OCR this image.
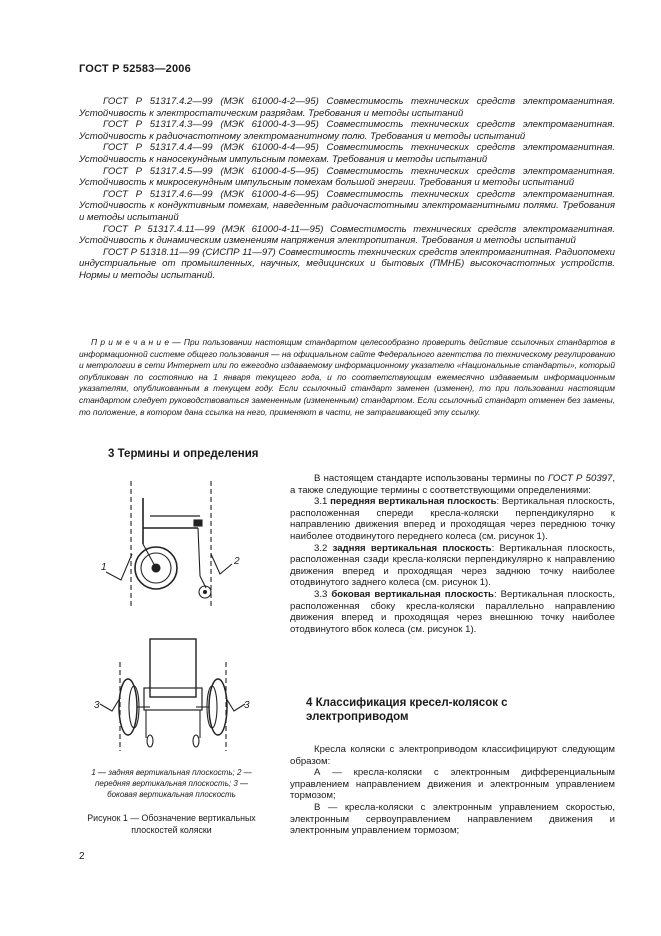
ГОСТ Р 52583—2006

ГОСТ Р 51317.4.2—99 (МЭК 61000-4-2—95) Совместимость технических средств электромагнитная. Устойчивость к электростатическим разрядам. Требования и методы испытаний

ГОСТ Р 51317.4.3—99 (МЭК 61000-4-3—95) Совместимость технических средств электромагнитная. Устойчивость к радиочастотному электромагнитному полю. Требования и методы испытаний

ГОСТ Р 51317.4.4—99 (МЭК 61000-4-4—95) Совместимость технических средств электромагнитная. Устойчивость к наносекундным импульсным помехам. Требования и методы испытаний

ГОСТ Р 51317.4.5—99 (МЭК 61000-4-5—95) Совместимость технических средств электромагнитная. Устойчивость к микросекундным импульсным помехам большой энергии. Требования и методы испытаний

ГОСТ Р 51317.4.6—99 (МЭК 61000-4-6—95) Совместимость технических средств электромагнитная. Устойчивость к кондуктивным помехам, наведенным радиочастотными электромагнитными полями. Требования и методы испытаний

ГОСТ Р 51317.4.11—99 (МЭК 61000-4-11—95) Совместимость технических средств электромагнитная. Устойчивость к динамическим изменениям напряжения электропитания. Требования и методы испытаний

ГОСТ Р 51318.11—99 (СИСПР 11—97) Совместимость технических средств электромагнитная. Радиопомехи индустриальные от промышленных, научных, медицинских и бытовых (ПМНБ) высокочастотных устройств. Нормы и методы испытаний.

П р и м е ч а н и е — При пользовании настоящим стандартом целесообразно проверить действие ссылочных стандартов в информационной системе общего пользования — на официальном сайте Федерального агентства по техническому регулированию и метрологии в сети Интернет или по ежегодно издаваемому информационному указателю «Национальные стандарты», который опубликован по состоянию на 1 января текущего года, и по соответствующим ежемесячно издаваемым информационным указателям, опубликованным в текущем году. Если ссылочный стандарт заменен (изменен), то при пользовании настоящим стандартом следует руководствоваться замененным (измененным) стандартом. Если ссылочный стандарт отменен без замены, то положение, в котором дана ссылка на него, применяют в части, не затрагивающей эту ссылку.

3 Термины и определения

В настоящем стандарте использованы термины по ГОСТ Р 50397, а также следующие термины с соответствующими определениями:

3.1 передняя вертикальная плоскость: Вертикальная плоскость, расположенная спереди кресла-коляски перпендикулярно к направлению движения вперед и проходящая через переднюю точку наиболее отодвинутого переднего колеса (см. рисунок 1).

3.2 задняя вертикальная плоскость: Вертикальная плоскость, расположенная сзади кресла-коляски перпендикулярно к направлению движения вперед и проходящая через заднюю точку наиболее отодвинутого заднего колеса (см. рисунок 1).

3.3 боковая вертикальная плоскость: Вертикальная плоскость, расположенная сбоку кресла-коляски параллельно направлению движения вперед и проходящая через внешнюю точку наиболее отодвинутого вбок колеса (см. рисунок 1).

1
2
3	3
1 — задняя вертикальная плоскость; 2 — передняя вертикальная плоскость; 3 — боковая вертикальная плоскость
Рисунок 1 — Обозначение вертикальных плоскостей коляски
4 Классификация кресел-колясок с электроприводом

Кресла коляски с электроприводом классифицируют следующим образом:

А — кресла-коляски с электронным дифференциальным управлением направлением движения и электронным управлением тормозом;

В — кресла-коляски с электронным управлением скоростью, электронным сервоуправлением направлением движения и электронным управлением тормозом;

2
